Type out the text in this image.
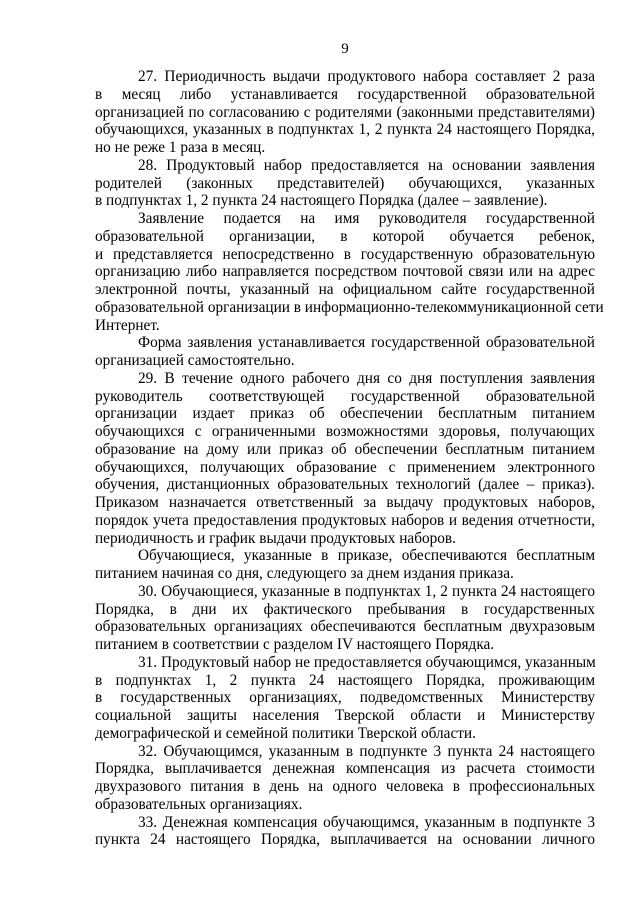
9

27. Периодичность выдачи продуктового набора составляет 2 раза
в месяц либо устанавливается государственной образовательной
организацией по согласованию с родителями (законными представителями)
обучающихся, указанных в подпунктах 1, 2 пункта 24 настоящего Порядка,
но не реже 1 раза в месяц.

28. Продуктовый набор предоставляется на основании заявления
родителей (законных представителей) обучающихся, указанных
в подпунктах 1, 2 пункта 24 настоящего Порядка (далее – заявление).

Заявление подается на имя руководителя государственной
образовательной организации, в которой обучается ребенок,
и представляется непосредственно в государственную образовательную
организацию либо направляется посредством почтовой связи или на адрес
электронной почты, указанный на официальном сайте государственной
образовательной организации в информационно-телекоммуникационной сети
Интернет.

Форма заявления устанавливается государственной образовательной
организацией самостоятельно.

29. В течение одного рабочего дня со дня поступления заявления
руководитель соответствующей государственной образовательной
организации издает приказ об обеспечении бесплатным питанием
обучающихся с ограниченными возможностями здоровья, получающих
образование на дому или приказ об обеспечении бесплатным питанием
обучающихся, получающих образование с применением электронного
обучения, дистанционных образовательных технологий (далее – приказ).
Приказом назначается ответственный за выдачу продуктовых наборов,
порядок учета предоставления продуктовых наборов и ведения отчетности,
периодичность и график выдачи продуктовых наборов.

Обучающиеся, указанные в приказе, обеспечиваются бесплатным
питанием начиная со дня, следующего за днем издания приказа.

30. Обучающиеся, указанные в подпунктах 1, 2 пункта 24 настоящего
Порядка, в дни их фактического пребывания в государственных
образовательных организациях обеспечиваются бесплатным двухразовым
питанием в соответствии с разделом IV настоящего Порядка.

31. Продуктовый набор не предоставляется обучающимся, указанным
в подпунктах 1, 2 пункта 24 настоящего Порядка, проживающим
в государственных организациях, подведомственных Министерству
социальной защиты населения Тверской области и Министерству
демографической и семейной политики Тверской области.

32. Обучающимся, указанным в подпункте 3 пункта 24 настоящего
Порядка, выплачивается денежная компенсация из расчета стоимости
двухразового питания в день на одного человека в профессиональных
образовательных организациях.

33. Денежная компенсация обучающимся, указанным в подпункте 3
пункта 24 настоящего Порядка, выплачивается на основании личного
